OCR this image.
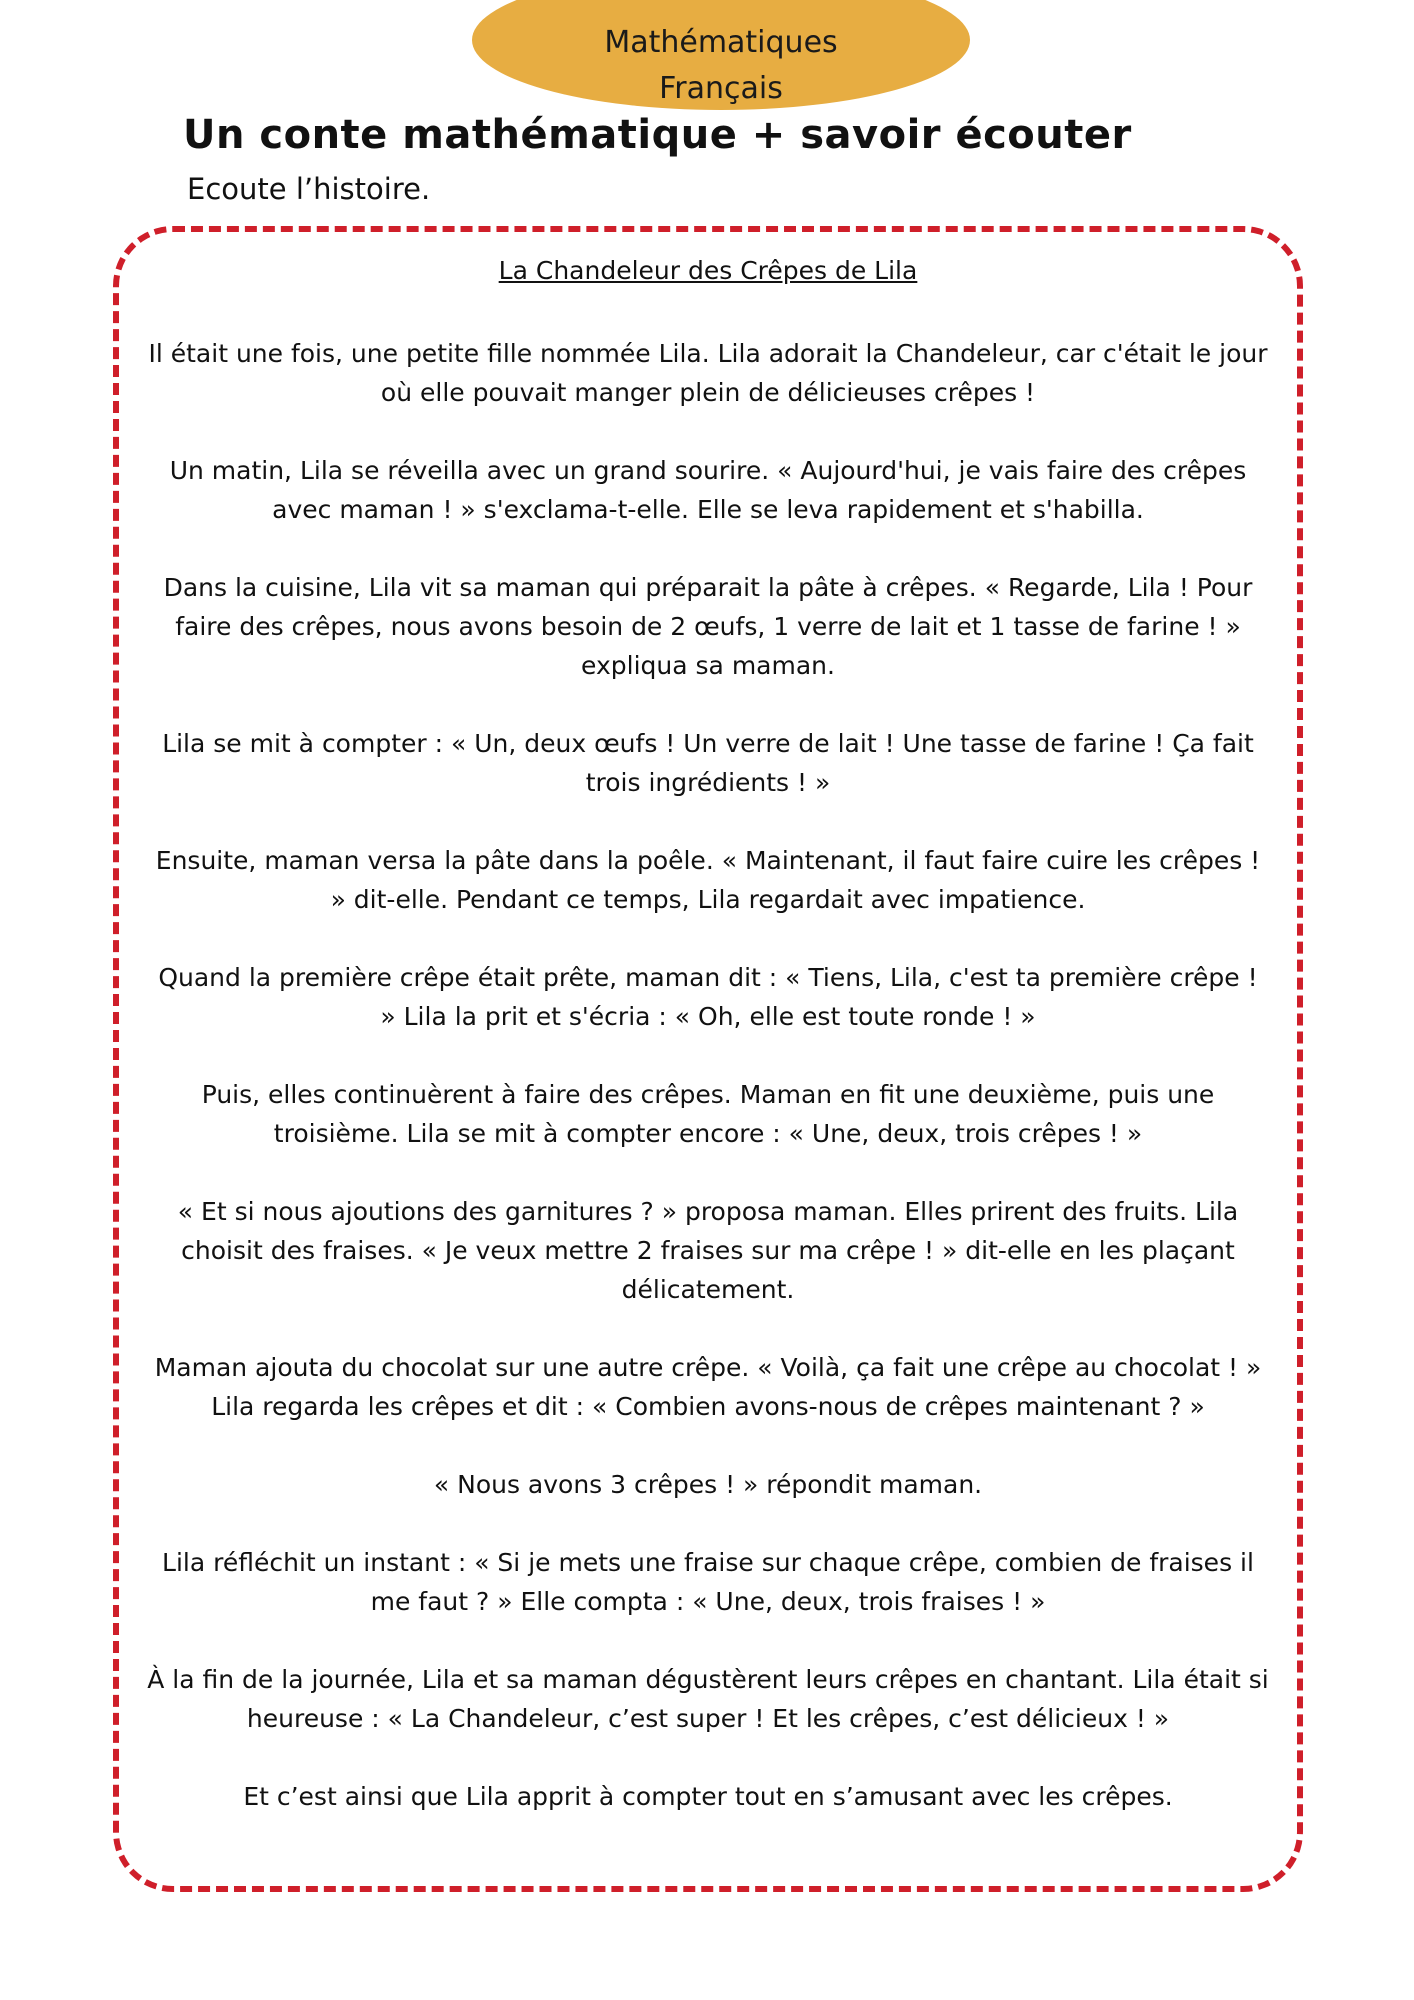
Mathématiques
Français
Un conte mathématique + savoir écouter

Ecoute l’histoire.

La Chandeleur des Crêpes de Lila

Il était une fois, une petite fille nommée Lila. Lila adorait la Chandeleur, car c'était le jour où elle pouvait manger plein de délicieuses crêpes !

Un matin, Lila se réveilla avec un grand sourire. « Aujourd'hui, je vais faire des crêpes avec maman ! » s'exclama-t-elle. Elle se leva rapidement et s'habilla.

Dans la cuisine, Lila vit sa maman qui préparait la pâte à crêpes. « Regarde, Lila ! Pour faire des crêpes, nous avons besoin de 2 œufs, 1 verre de lait et 1 tasse de farine ! » expliqua sa maman.

Lila se mit à compter : « Un, deux œufs ! Un verre de lait ! Une tasse de farine ! Ça fait trois ingrédients ! »

Ensuite, maman versa la pâte dans la poêle. « Maintenant, il faut faire cuire les crêpes ! » dit-elle. Pendant ce temps, Lila regardait avec impatience.

Quand la première crêpe était prête, maman dit : « Tiens, Lila, c'est ta première crêpe ! » Lila la prit et s'écria : « Oh, elle est toute ronde ! »

Puis, elles continuèrent à faire des crêpes. Maman en fit une deuxième, puis une troisième. Lila se mit à compter encore : « Une, deux, trois crêpes ! »

« Et si nous ajoutions des garnitures ? » proposa maman. Elles prirent des fruits. Lila choisit des fraises. « Je veux mettre 2 fraises sur ma crêpe ! » dit-elle en les plaçant délicatement.

Maman ajouta du chocolat sur une autre crêpe. « Voilà, ça fait une crêpe au chocolat ! » Lila regarda les crêpes et dit : « Combien avons-nous de crêpes maintenant ? »

« Nous avons 3 crêpes ! » répondit maman.

Lila réfléchit un instant : « Si je mets une fraise sur chaque crêpe, combien de fraises il me faut ? » Elle compta : « Une, deux, trois fraises ! »

À la fin de la journée, Lila et sa maman dégustèrent leurs crêpes en chantant. Lila était si heureuse : « La Chandeleur, c’est super ! Et les crêpes, c’est délicieux ! »

Et c’est ainsi que Lila apprit à compter tout en s’amusant avec les crêpes.
